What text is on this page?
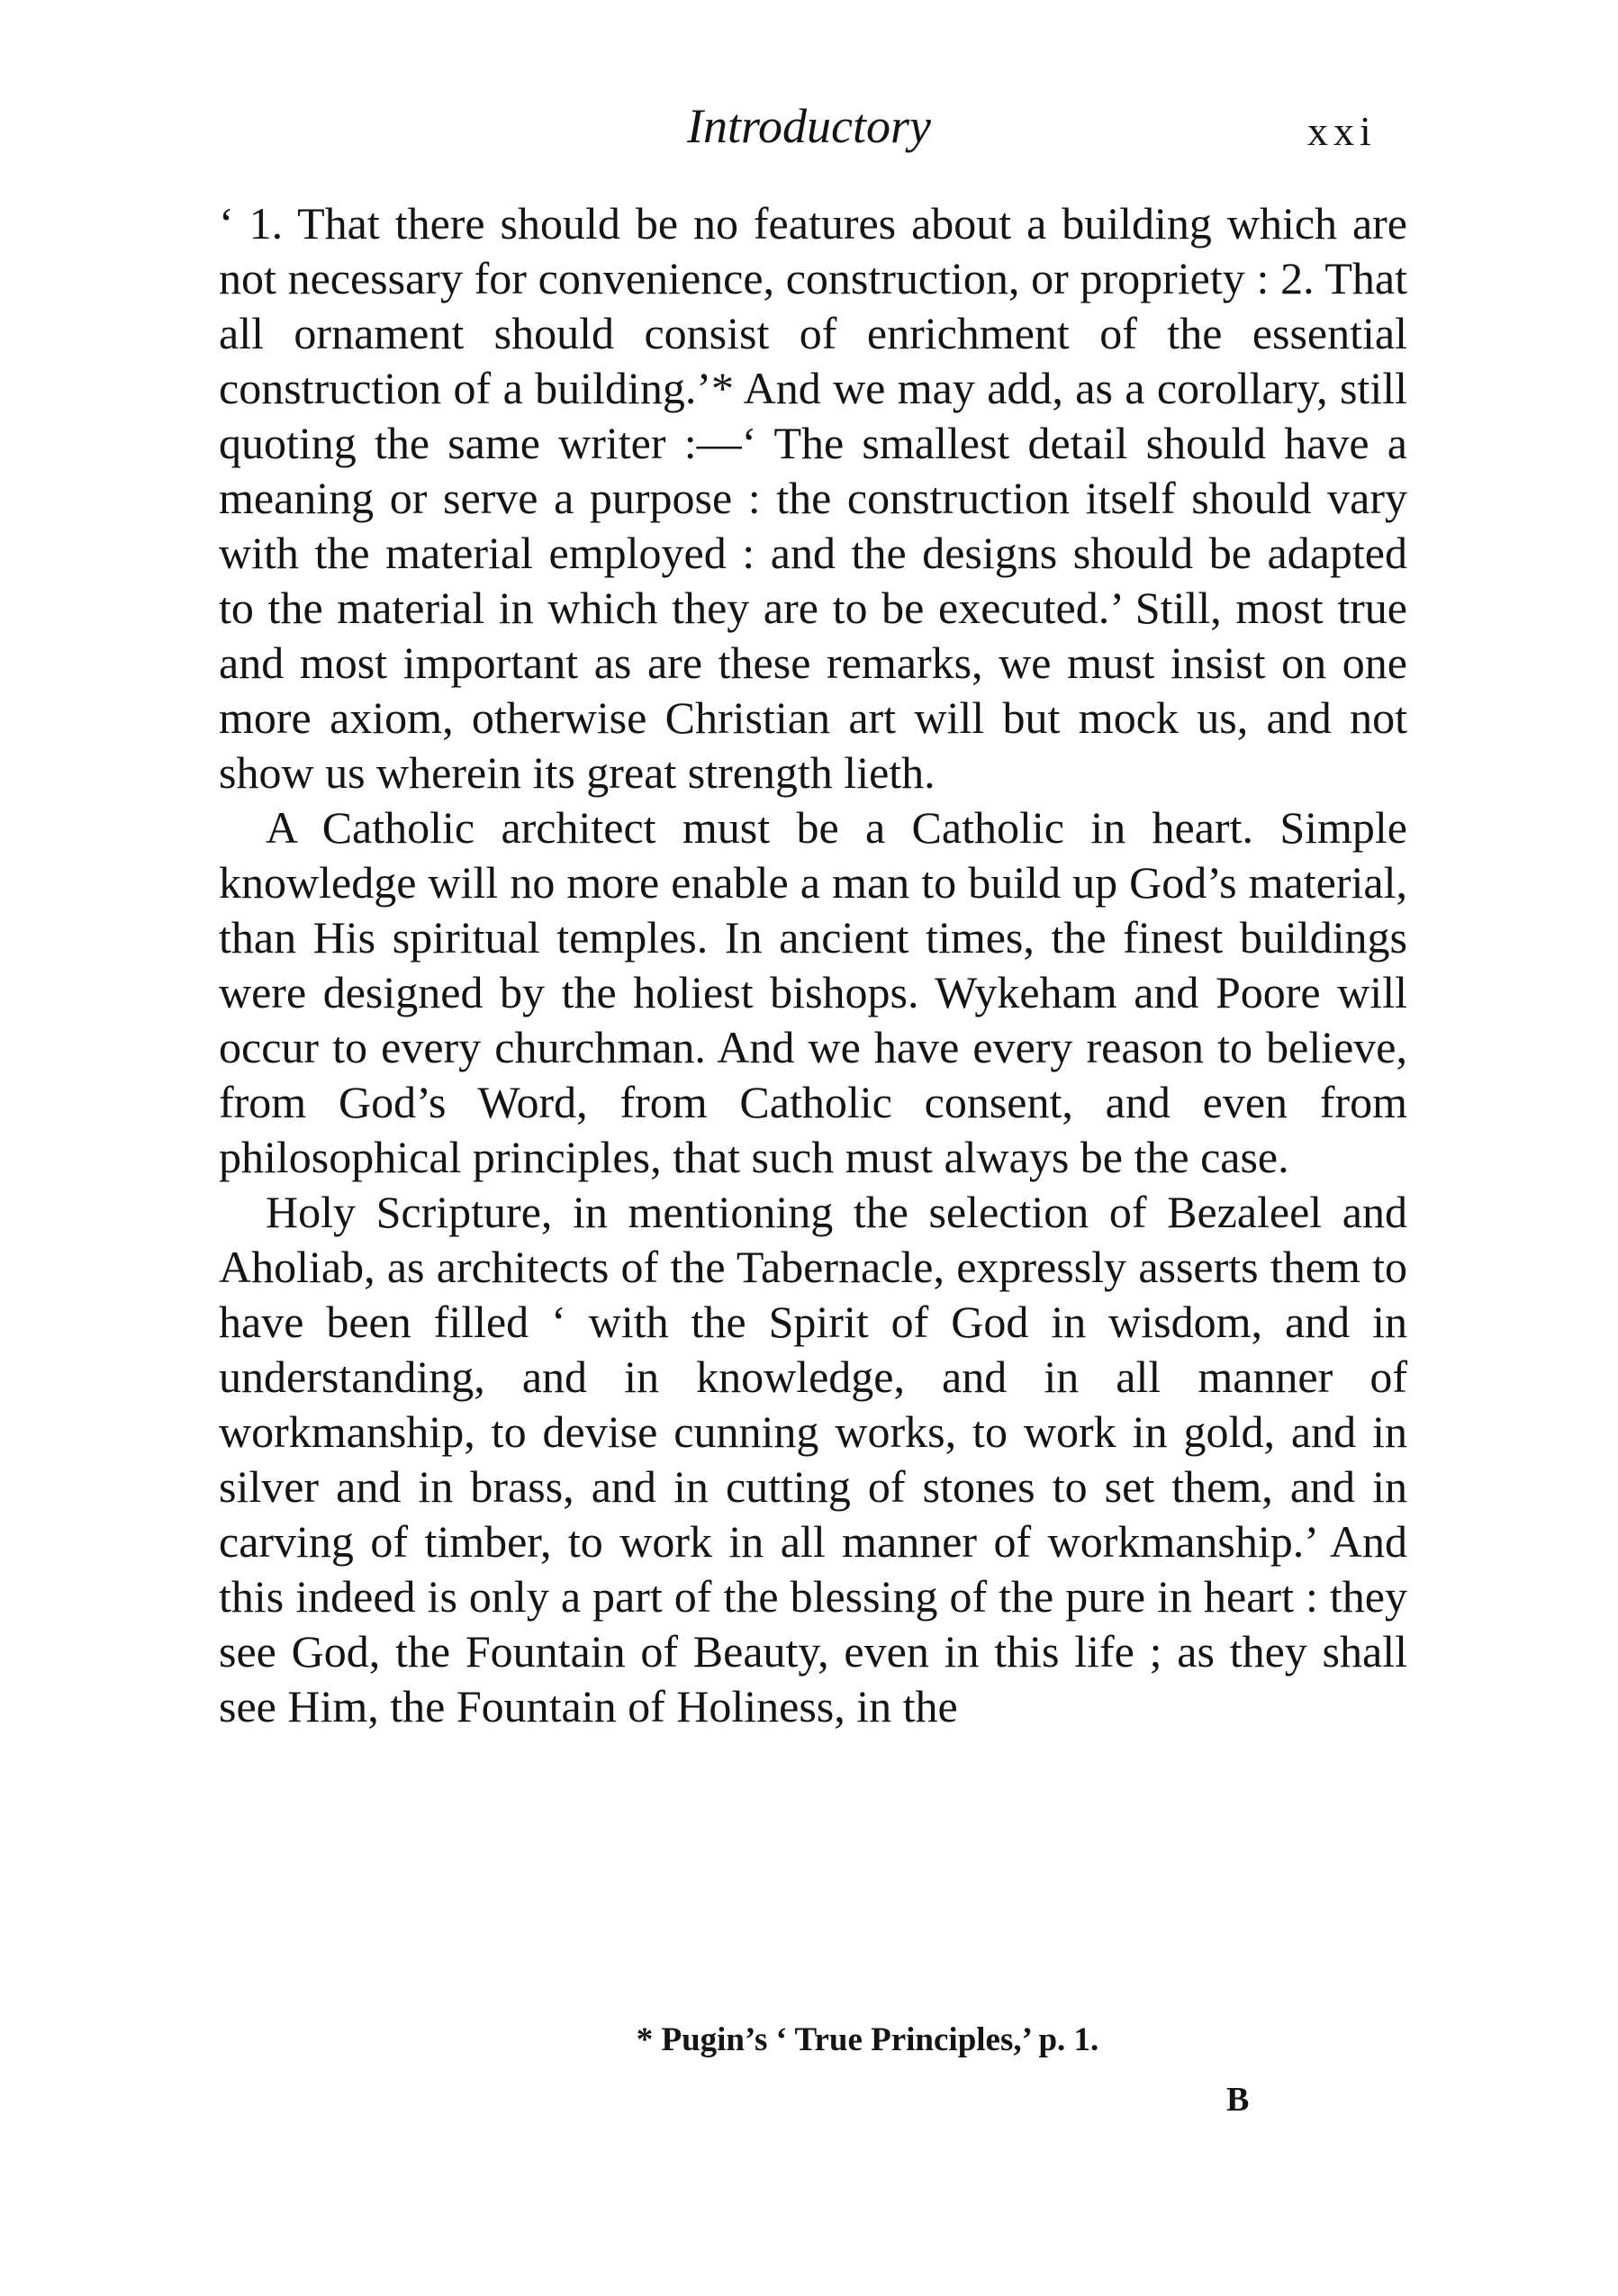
Introductory	xxi

‘ 1. That there should be no features about a building which are not necessary for convenience, construction, or propriety : 2. That all ornament should consist of enrichment of the essential construction of a building.’* And we may add, as a corollary, still quoting the same writer :—‘ The smallest detail should have a meaning or serve a purpose : the construction itself should vary with the material employed : and the designs should be adapted to the material in which they are to be executed.’ Still, most true and most important as are these remarks, we must insist on one more axiom, otherwise Christian art will but mock us, and not show us wherein its great strength lieth.

A Catholic architect must be a Catholic in heart. Simple knowledge will no more enable a man to build up God’s material, than His spiritual temples. In ancient times, the finest buildings were designed by the holiest bishops. Wykeham and Poore will occur to every churchman. And we have every reason to believe, from God’s Word, from Catholic consent, and even from philosophical principles, that such must always be the case.

Holy Scripture, in mentioning the selection of Bezaleel and Aholiab, as architects of the Tabernacle, expressly asserts them to have been filled ‘ with the Spirit of God in wisdom, and in understanding, and in knowledge, and in all manner of workmanship, to devise cunning works, to work in gold, and in silver and in brass, and in cutting of stones to set them, and in carving of timber, to work in all manner of workmanship.’ And this indeed is only a part of the blessing of the pure in heart : they see God, the Fountain of Beauty, even in this life ; as they shall see Him, the Fountain of Holiness, in the

* Pugin’s ‘ True Principles,’ p. 1.
B
